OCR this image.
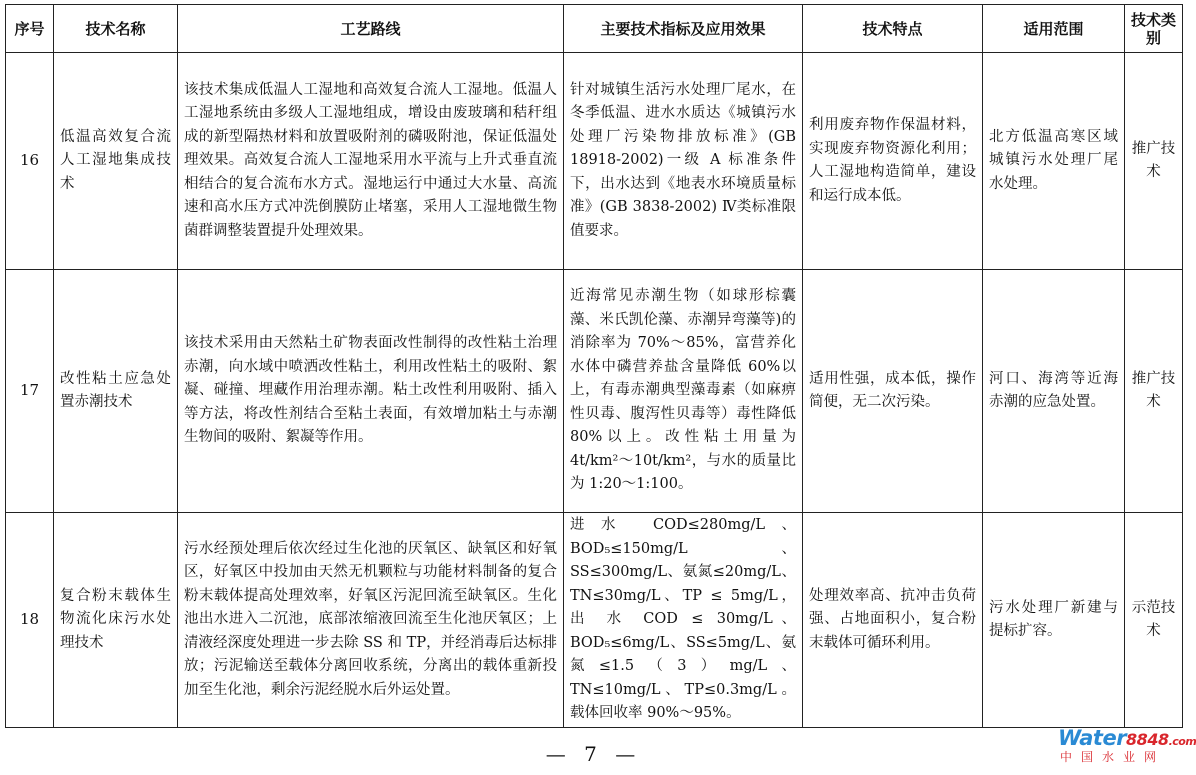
序号	技术名称	工艺路线	主要技术指标及应用效果	技术特点	适用范围	技术类别
16	低温高效复合流人工湿地集成技术	该技术集成低温人工湿地和高效复合流人工湿地。低温人工湿地系统由多级人工湿地组成，增设由废玻璃和秸秆组成的新型隔热材料和放置吸附剂的磷吸附池，保证低温处理效果。高效复合流人工湿地采用水平流与上升式垂直流相结合的复合流布水方式。湿地运行中通过大水量、高流速和高水压方式冲洗倒膜防止堵塞，采用人工湿地微生物菌群调整装置提升处理效果。	针对城镇生活污水处理厂尾水，在冬季低温、进水水质达《城镇污水处理厂污染物排放标准》(GB 18918-2002)一级 A 标准条件下，出水达到《地表水环境质量标准》(GB 3838-2002) Ⅳ类标准限值要求。	利用废弃物作保温材料，实现废弃物资源化利用；人工湿地构造简单，建设和运行成本低。	北方低温高寒区域城镇污水处理厂尾水处理。	推广技术
17	改性粘土应急处置赤潮技术	该技术采用由天然粘土矿物表面改性制得的改性粘土治理赤潮，向水域中喷洒改性粘土，利用改性粘土的吸附、絮凝、碰撞、埋藏作用治理赤潮。粘土改性利用吸附、插入等方法，将改性剂结合至粘土表面，有效增加粘土与赤潮生物间的吸附、絮凝等作用。	近海常见赤潮生物（如球形棕囊藻、米氏凯伦藻、赤潮异弯藻等)的消除率为 70%～85%，富营养化水体中磷营养盐含量降低 60%以上，有毒赤潮典型藻毒素（如麻痹性贝毒、腹泻性贝毒等）毒性降低 80%以上。改性粘土用量为 4t/km²～10t/km²，与水的质量比为 1:20～1:100。	适用性强，成本低，操作简便，无二次污染。	河口、海湾等近海赤潮的应急处置。	推广技术
18	复合粉末载体生物流化床污水处理技术	污水经预处理后依次经过生化池的厌氧区、缺氧区和好氧区，好氧区中投加由天然无机颗粒与功能材料制备的复合粉末载体提高处理效率，好氧区污泥回流至缺氧区。生化池出水进入二沉池，底部浓缩液回流至生化池厌氧区；上清液经深度处理进一步去除 SS 和 TP，并经消毒后达标排放；污泥输送至载体分离回收系统，分离出的载体重新投加至生化池，剩余污泥经脱水后外运处置。	进水 COD≤280mg/L、BOD₅≤150mg/L、SS≤300mg/L、氨氮≤20mg/L、TN≤30mg/L、TP ≤ 5mg/L， 出 水 COD ≤ 30mg/L、BOD₅≤6mg/L、SS≤5mg/L、氨氮≤1.5（3）mg/L、TN≤10mg/L、TP≤0.3mg/L。载体回收率 90%～95%。	处理效率高、抗冲击负荷强、占地面积小，复合粉末载体可循环利用。	污水处理厂新建与提标扩容。	示范技术
— 7 —
Water8848.com
中国水业网
